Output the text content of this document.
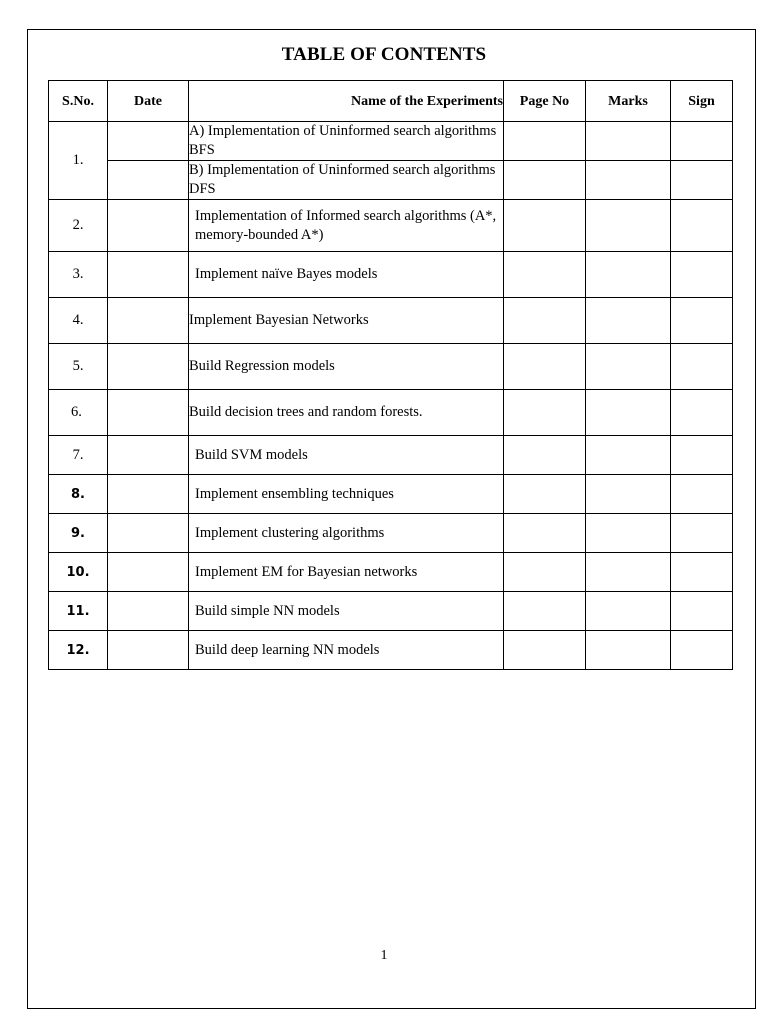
TABLE OF CONTENTS
S.No.	Date	Name of the Experiments	Page No	Marks	Sign
1.		A) Implementation of Uninformed search algorithms BFS			
		B) Implementation of Uninformed search algorithms DFS			
2.		Implementation of Informed search algorithms (A*, memory-bounded A*)			
3.		Implement naïve Bayes models			
4.		Implement Bayesian Networks			
5.		Build Regression models			
6.		Build decision trees and random forests.			
7.		Build SVM models			
8.		Implement ensembling techniques			
9.		Implement clustering algorithms			
10.		Implement EM for Bayesian networks			
11.		Build simple NN models			
12.		Build deep learning NN models			
1
